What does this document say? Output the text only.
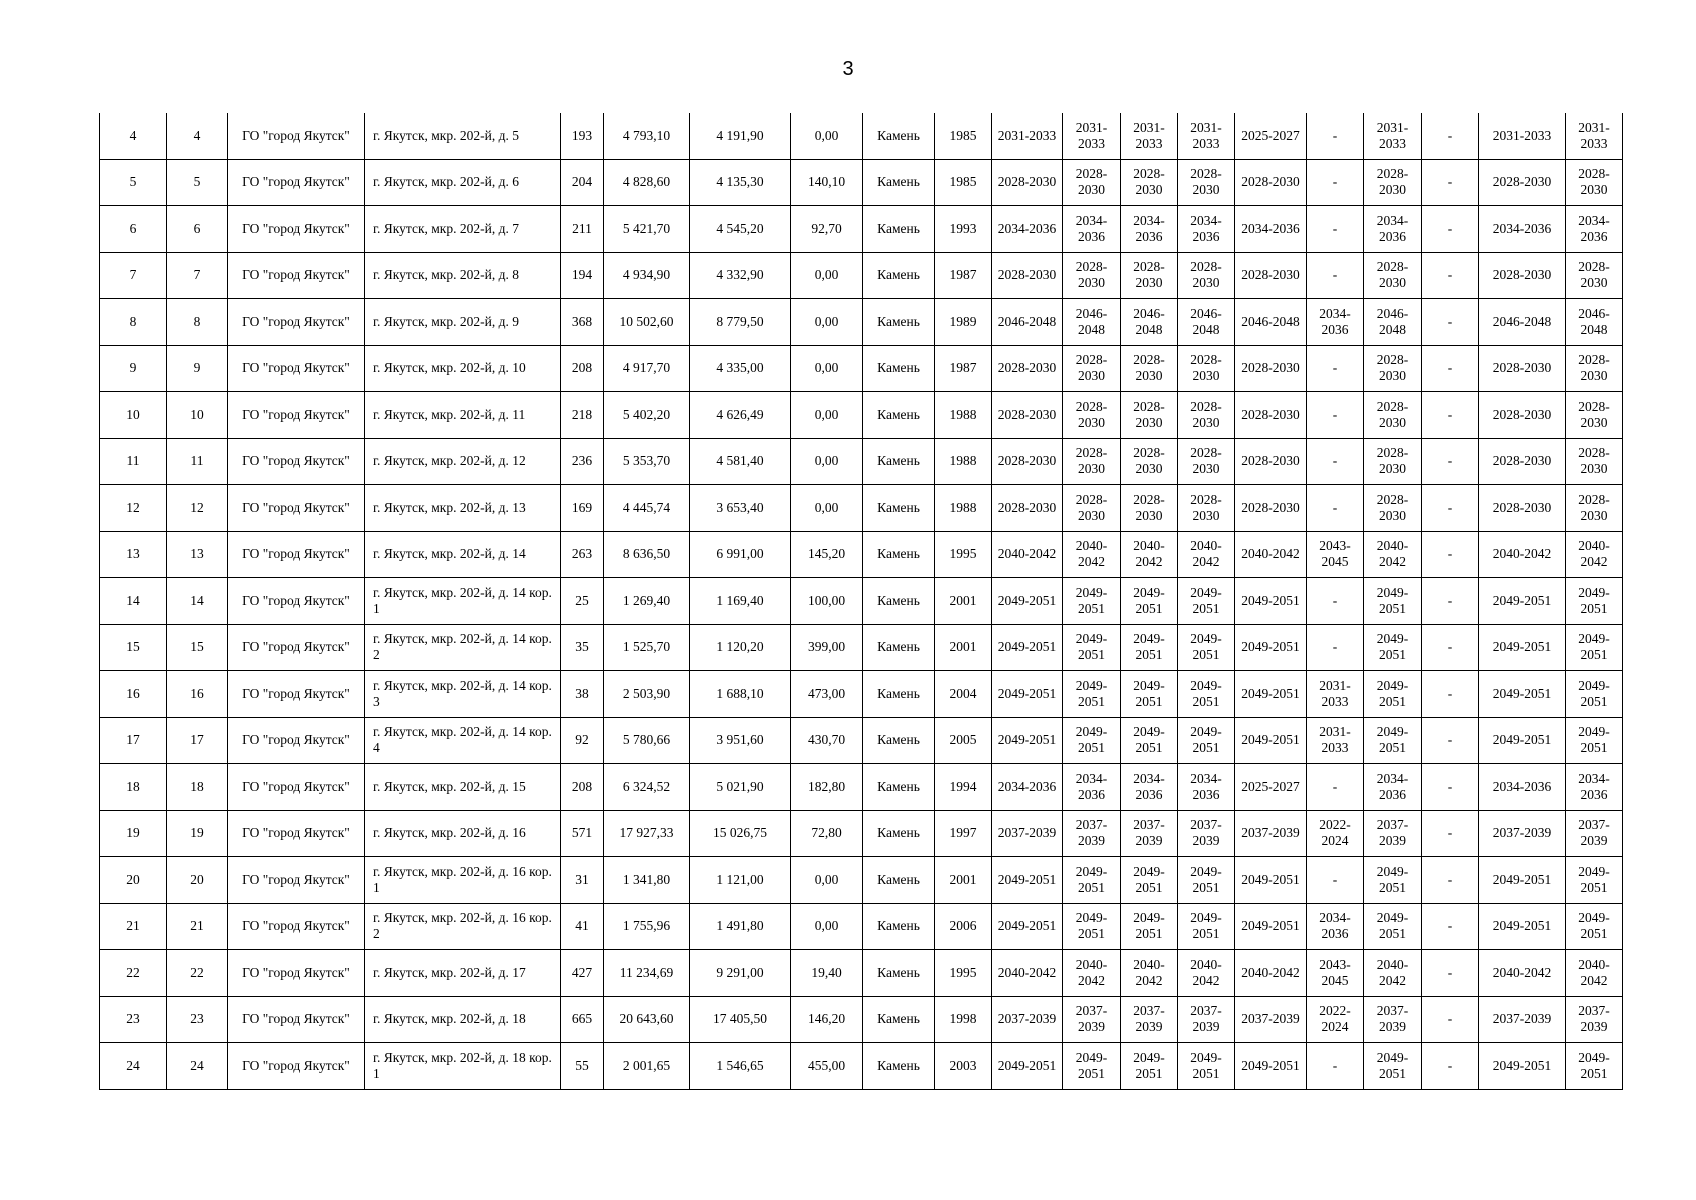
3
4	4	ГО "город Якутск"	г. Якутск, мкр. 202-й, д. 5	193	4 793,10	4 191,90	0,00	Камень	1985	2031-2033	2031-2033	2031-2033	2031-2033	2025-2027	-	2031-2033	-	2031-2033	2031-2033
5	5	ГО "город Якутск"	г. Якутск, мкр. 202-й, д. 6	204	4 828,60	4 135,30	140,10	Камень	1985	2028-2030	2028-2030	2028-2030	2028-2030	2028-2030	-	2028-2030	-	2028-2030	2028-2030
6	6	ГО "город Якутск"	г. Якутск, мкр. 202-й, д. 7	211	5 421,70	4 545,20	92,70	Камень	1993	2034-2036	2034-2036	2034-2036	2034-2036	2034-2036	-	2034-2036	-	2034-2036	2034-2036
7	7	ГО "город Якутск"	г. Якутск, мкр. 202-й, д. 8	194	4 934,90	4 332,90	0,00	Камень	1987	2028-2030	2028-2030	2028-2030	2028-2030	2028-2030	-	2028-2030	-	2028-2030	2028-2030
8	8	ГО "город Якутск"	г. Якутск, мкр. 202-й, д. 9	368	10 502,60	8 779,50	0,00	Камень	1989	2046-2048	2046-2048	2046-2048	2046-2048	2046-2048	2034-2036	2046-2048	-	2046-2048	2046-2048
9	9	ГО "город Якутск"	г. Якутск, мкр. 202-й, д. 10	208	4 917,70	4 335,00	0,00	Камень	1987	2028-2030	2028-2030	2028-2030	2028-2030	2028-2030	-	2028-2030	-	2028-2030	2028-2030
10	10	ГО "город Якутск"	г. Якутск, мкр. 202-й, д. 11	218	5 402,20	4 626,49	0,00	Камень	1988	2028-2030	2028-2030	2028-2030	2028-2030	2028-2030	-	2028-2030	-	2028-2030	2028-2030
11	11	ГО "город Якутск"	г. Якутск, мкр. 202-й, д. 12	236	5 353,70	4 581,40	0,00	Камень	1988	2028-2030	2028-2030	2028-2030	2028-2030	2028-2030	-	2028-2030	-	2028-2030	2028-2030
12	12	ГО "город Якутск"	г. Якутск, мкр. 202-й, д. 13	169	4 445,74	3 653,40	0,00	Камень	1988	2028-2030	2028-2030	2028-2030	2028-2030	2028-2030	-	2028-2030	-	2028-2030	2028-2030
13	13	ГО "город Якутск"	г. Якутск, мкр. 202-й, д. 14	263	8 636,50	6 991,00	145,20	Камень	1995	2040-2042	2040-2042	2040-2042	2040-2042	2040-2042	2043-2045	2040-2042	-	2040-2042	2040-2042
14	14	ГО "город Якутск"	г. Якутск, мкр. 202-й, д. 14 кор. 1	25	1 269,40	1 169,40	100,00	Камень	2001	2049-2051	2049-2051	2049-2051	2049-2051	2049-2051	-	2049-2051	-	2049-2051	2049-2051
15	15	ГО "город Якутск"	г. Якутск, мкр. 202-й, д. 14 кор. 2	35	1 525,70	1 120,20	399,00	Камень	2001	2049-2051	2049-2051	2049-2051	2049-2051	2049-2051	-	2049-2051	-	2049-2051	2049-2051
16	16	ГО "город Якутск"	г. Якутск, мкр. 202-й, д. 14 кор. 3	38	2 503,90	1 688,10	473,00	Камень	2004	2049-2051	2049-2051	2049-2051	2049-2051	2049-2051	2031-2033	2049-2051	-	2049-2051	2049-2051
17	17	ГО "город Якутск"	г. Якутск, мкр. 202-й, д. 14 кор. 4	92	5 780,66	3 951,60	430,70	Камень	2005	2049-2051	2049-2051	2049-2051	2049-2051	2049-2051	2031-2033	2049-2051	-	2049-2051	2049-2051
18	18	ГО "город Якутск"	г. Якутск, мкр. 202-й, д. 15	208	6 324,52	5 021,90	182,80	Камень	1994	2034-2036	2034-2036	2034-2036	2034-2036	2025-2027	-	2034-2036	-	2034-2036	2034-2036
19	19	ГО "город Якутск"	г. Якутск, мкр. 202-й, д. 16	571	17 927,33	15 026,75	72,80	Камень	1997	2037-2039	2037-2039	2037-2039	2037-2039	2037-2039	2022-2024	2037-2039	-	2037-2039	2037-2039
20	20	ГО "город Якутск"	г. Якутск, мкр. 202-й, д. 16 кор. 1	31	1 341,80	1 121,00	0,00	Камень	2001	2049-2051	2049-2051	2049-2051	2049-2051	2049-2051	-	2049-2051	-	2049-2051	2049-2051
21	21	ГО "город Якутск"	г. Якутск, мкр. 202-й, д. 16 кор. 2	41	1 755,96	1 491,80	0,00	Камень	2006	2049-2051	2049-2051	2049-2051	2049-2051	2049-2051	2034-2036	2049-2051	-	2049-2051	2049-2051
22	22	ГО "город Якутск"	г. Якутск, мкр. 202-й, д. 17	427	11 234,69	9 291,00	19,40	Камень	1995	2040-2042	2040-2042	2040-2042	2040-2042	2040-2042	2043-2045	2040-2042	-	2040-2042	2040-2042
23	23	ГО "город Якутск"	г. Якутск, мкр. 202-й, д. 18	665	20 643,60	17 405,50	146,20	Камень	1998	2037-2039	2037-2039	2037-2039	2037-2039	2037-2039	2022-2024	2037-2039	-	2037-2039	2037-2039
24	24	ГО "город Якутск"	г. Якутск, мкр. 202-й, д. 18 кор. 1	55	2 001,65	1 546,65	455,00	Камень	2003	2049-2051	2049-2051	2049-2051	2049-2051	2049-2051	-	2049-2051	-	2049-2051	2049-2051
